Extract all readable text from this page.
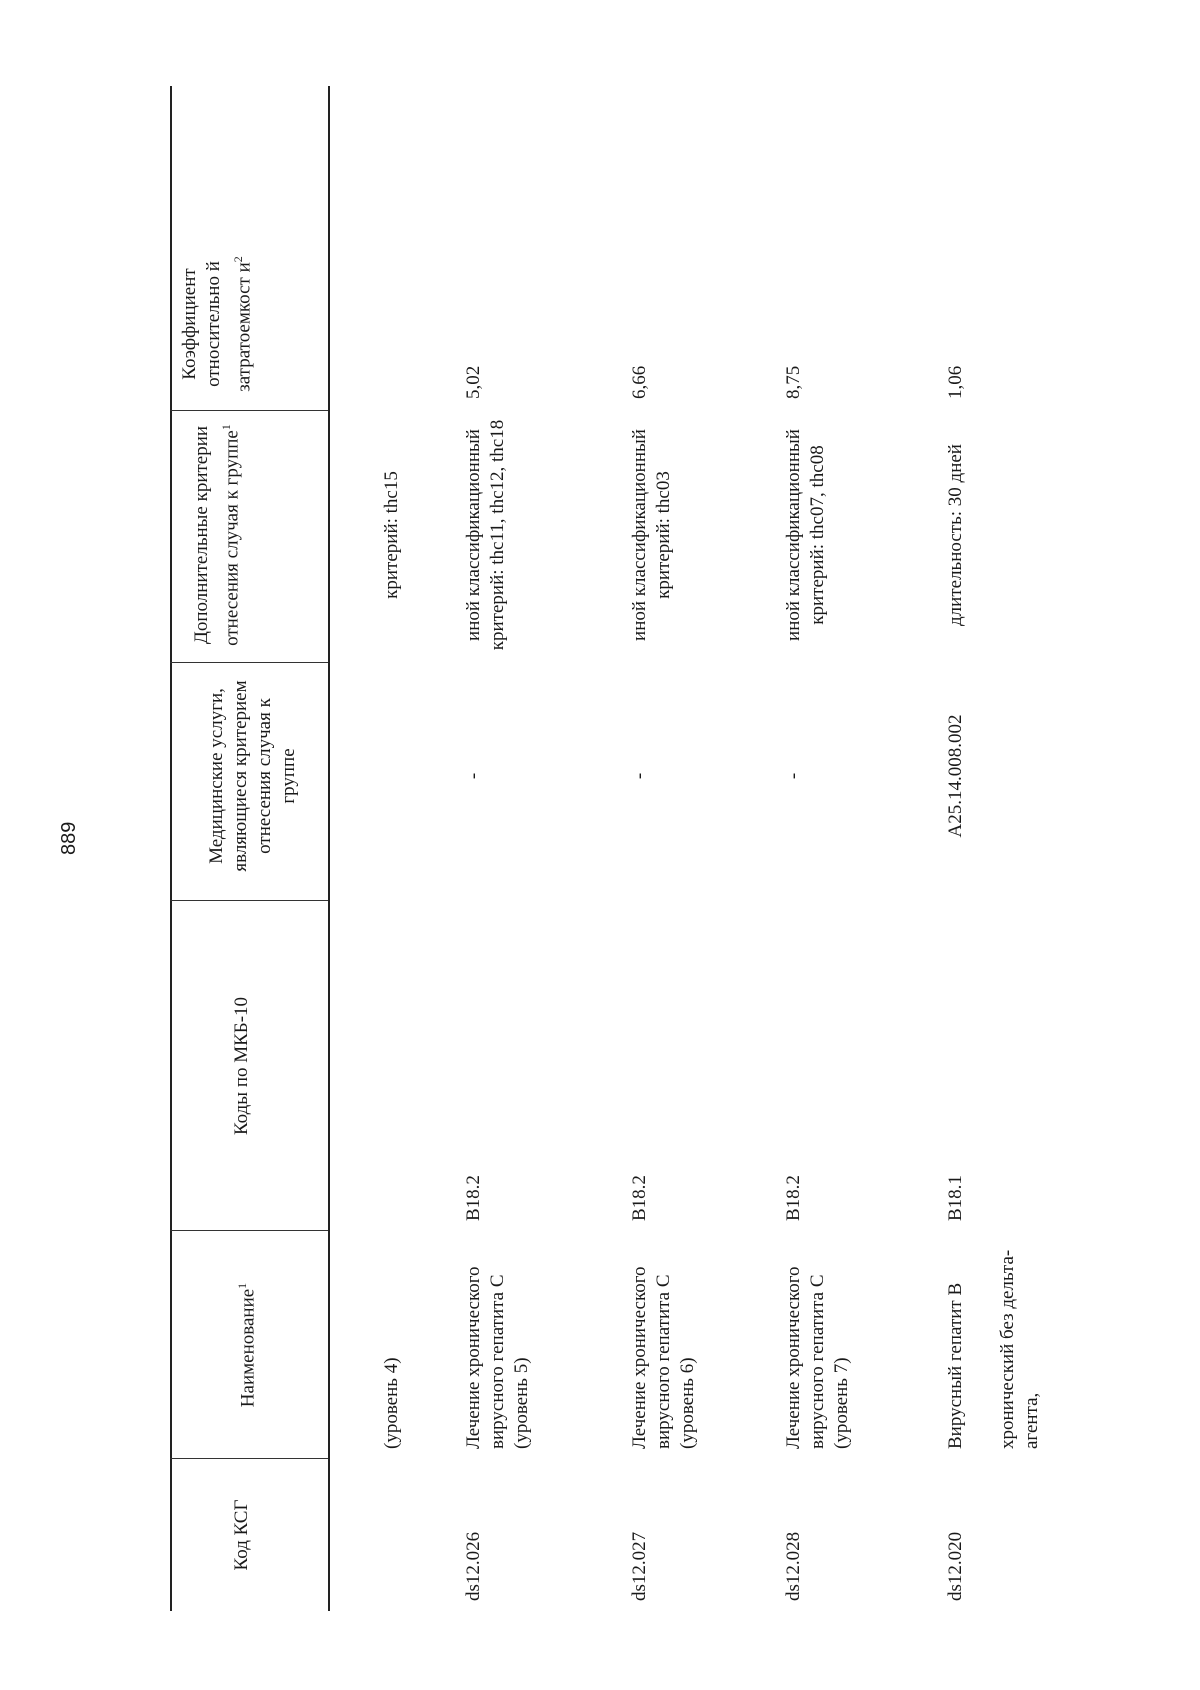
889
Код КСГ
Наименование$^1$
Коды по МКБ-10
Медицинские услуги, являющиеся критерием отнесения случая к группе
Дополнительные критерии отнесения случая к группе$^1$
Коэффициент относительно й затратоемкост $и^2$
(уровень 4)
критерий: thc15
ds12.026
Лечение хронического вирусного гепатита С (уровень 5)
B18.2
-
иной классификационный критерий: thc11, thc12, thc18
5,02
ds12.027
Лечение хронического вирусного гепатита С (уровень 6)
B18.2
-
иной классификационный критерий: thc03
6,66
ds12.028
Лечение хронического вирусного гепатита С (уровень 7)
B18.2
-
иной классификационный критерий: thc07, thc08
8,75
ds12.020
Вирусный гепатит В хронический без дельта- агента,
B18.1
A25.14.008.002
длительность: 30 дней
1,06
